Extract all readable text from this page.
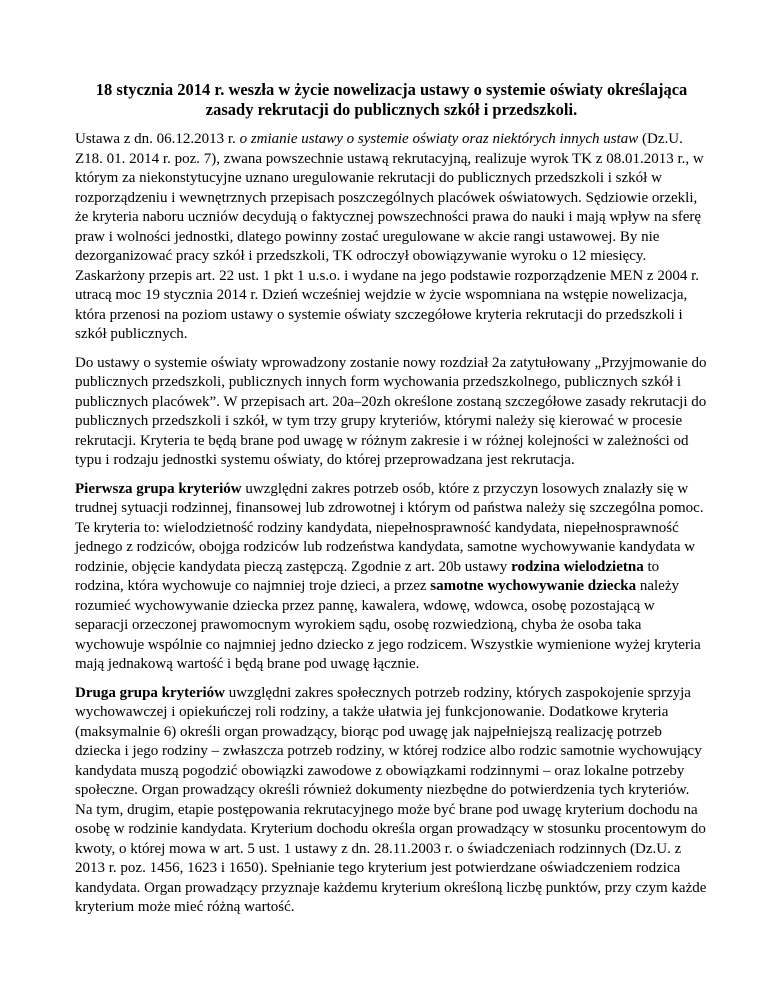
18 stycznia 2014 r. weszła w życie nowelizacja ustawy o systemie oświaty określająca zasady rekrutacji do publicznych szkół i przedszkoli.

Ustawa z dn. 06.12.2013 r. o zmianie ustawy o systemie oświaty oraz niektórych innych ustaw (Dz.U. Z18. 01. 2014 r. poz. 7), zwana powszechnie ustawą rekrutacyjną, realizuje wyrok TK z 08.01.2013 r., w którym za niekonstytucyjne uznano uregulowanie rekrutacji do publicznych przedszkoli i szkół w rozporządzeniu i wewnętrznych przepisach poszczególnych placówek oświatowych. Sędziowie orzekli, że kryteria naboru uczniów decydują o faktycznej powszechności prawa do nauki i mają wpływ na sferę praw i wolności jednostki, dlatego powinny zostać uregulowane w akcie rangi ustawowej. By nie dezorganizować pracy szkół i przedszkoli, TK odroczył obowiązywanie wyroku o 12 miesięcy. Zaskarżony przepis art. 22 ust. 1 pkt 1 u.s.o. i wydane na jego podstawie rozporządzenie MEN z 2004 r. utracą moc 19 stycznia 2014 r. Dzień wcześniej wejdzie w życie wspomniana na wstępie nowelizacja, która przenosi na poziom ustawy o systemie oświaty szczegółowe kryteria rekrutacji do przedszkoli i szkół publicznych.

Do ustawy o systemie oświaty wprowadzony zostanie nowy rozdział 2a zatytułowany „Przyjmowanie do publicznych przedszkoli, publicznych innych form wychowania przedszkolnego, publicznych szkół i publicznych placówek”. W przepisach art. 20a–20zh określone zostaną szczegółowe zasady rekrutacji do publicznych przedszkoli i szkół, w tym trzy grupy kryteriów, którymi należy się kierować w procesie rekrutacji. Kryteria te będą brane pod uwagę w różnym zakresie i w różnej kolejności w zależności od typu i rodzaju jednostki systemu oświaty, do której przeprowadzana jest rekrutacja.

Pierwsza grupa kryteriów uwzględni zakres potrzeb osób, które z przyczyn losowych znalazły się w trudnej sytuacji rodzinnej, finansowej lub zdrowotnej i którym od państwa należy się szczególna pomoc. Te kryteria to: wielodzietność rodziny kandydata, niepełnosprawność kandydata, niepełnosprawność jednego z rodziców, obojga rodziców lub rodzeństwa kandydata, samotne wychowywanie kandydata w rodzinie, objęcie kandydata pieczą zastępczą. Zgodnie z art. 20b ustawy rodzina wielodzietna to rodzina, która wychowuje co najmniej troje dzieci, a przez samotne wychowywanie dziecka należy rozumieć wychowywanie dziecka przez pannę, kawalera, wdowę, wdowca, osobę pozostającą w separacji orzeczonej prawomocnym wyrokiem sądu, osobę rozwiedzioną, chyba że osoba taka wychowuje wspólnie co najmniej jedno dziecko z jego rodzicem. Wszystkie wymienione wyżej kryteria mają jednakową wartość i będą brane pod uwagę łącznie.

Druga grupa kryteriów uwzględni zakres społecznych potrzeb rodziny, których zaspokojenie sprzyja wychowawczej i opiekuńczej roli rodziny, a także ułatwia jej funkcjonowanie. Dodatkowe kryteria (maksymalnie 6) określi organ prowadzący, biorąc pod uwagę jak najpełniejszą realizację potrzeb dziecka i jego rodziny – zwłaszcza potrzeb rodziny, w której rodzice albo rodzic samotnie wychowujący kandydata muszą pogodzić obowiązki zawodowe z obowiązkami rodzinnymi – oraz lokalne potrzeby społeczne. Organ prowadzący określi również dokumenty niezbędne do potwierdzenia tych kryteriów. Na tym, drugim, etapie postępowania rekrutacyjnego może być brane pod uwagę kryterium dochodu na osobę w rodzinie kandydata. Kryterium dochodu określa organ prowadzący w stosunku procentowym do kwoty, o której mowa w art. 5 ust. 1 ustawy z dn. 28.11.2003 r. o świadczeniach rodzinnych (Dz.U. z 2013 r. poz. 1456, 1623 i 1650). Spełnianie tego kryterium jest potwierdzane oświadczeniem rodzica kandydata. Organ prowadzący przyznaje każdemu kryterium określoną liczbę punktów, przy czym każde kryterium może mieć różną wartość.
